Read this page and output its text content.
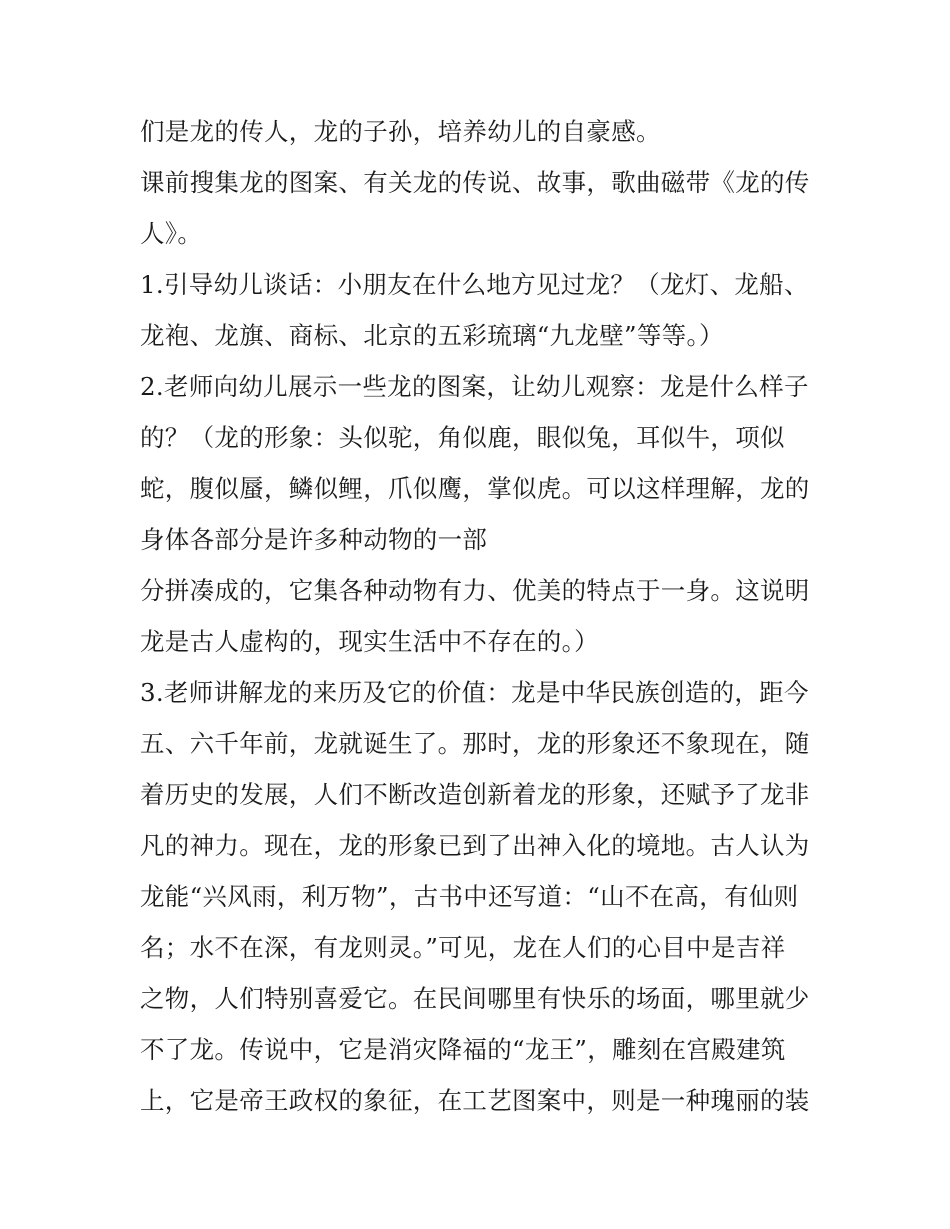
们是龙的传人，龙的子孙，培养幼儿的自豪感。
课前搜集龙的图案、有关龙的传说、故事，歌曲磁带《龙的传
人》。
1.引导幼儿谈话：小朋友在什么地方见过龙？（龙灯、龙船、
龙袍、龙旗、商标、北京的五彩琉璃“九龙壁”等等。）
2.老师向幼儿展示一些龙的图案，让幼儿观察：龙是什么样子
的？（龙的形象：头似驼，角似鹿，眼似兔，耳似牛，项似
蛇，腹似蜃，鳞似鲤，爪似鹰，掌似虎。可以这样理解，龙的
身体各部分是许多种动物的一部
分拼凑成的，它集各种动物有力、优美的特点于一身。这说明
龙是古人虚构的，现实生活中不存在的。）
3.老师讲解龙的来历及它的价值：龙是中华民族创造的，距今
五、六千年前，龙就诞生了。那时，龙的形象还不象现在，随
着历史的发展，人们不断改造创新着龙的形象，还赋予了龙非
凡的神力。现在，龙的形象已到了出神入化的境地。古人认为
龙能“兴风雨，利万物”，古书中还写道：“山不在高，有仙则
名；水不在深，有龙则灵。”可见，龙在人们的心目中是吉祥
之物，人们特别喜爱它。在民间哪里有快乐的场面，哪里就少
不了龙。传说中，它是消灾降福的“龙王”，雕刻在宫殿建筑
上，它是帝王政权的象征，在工艺图案中，则是一种瑰丽的装
